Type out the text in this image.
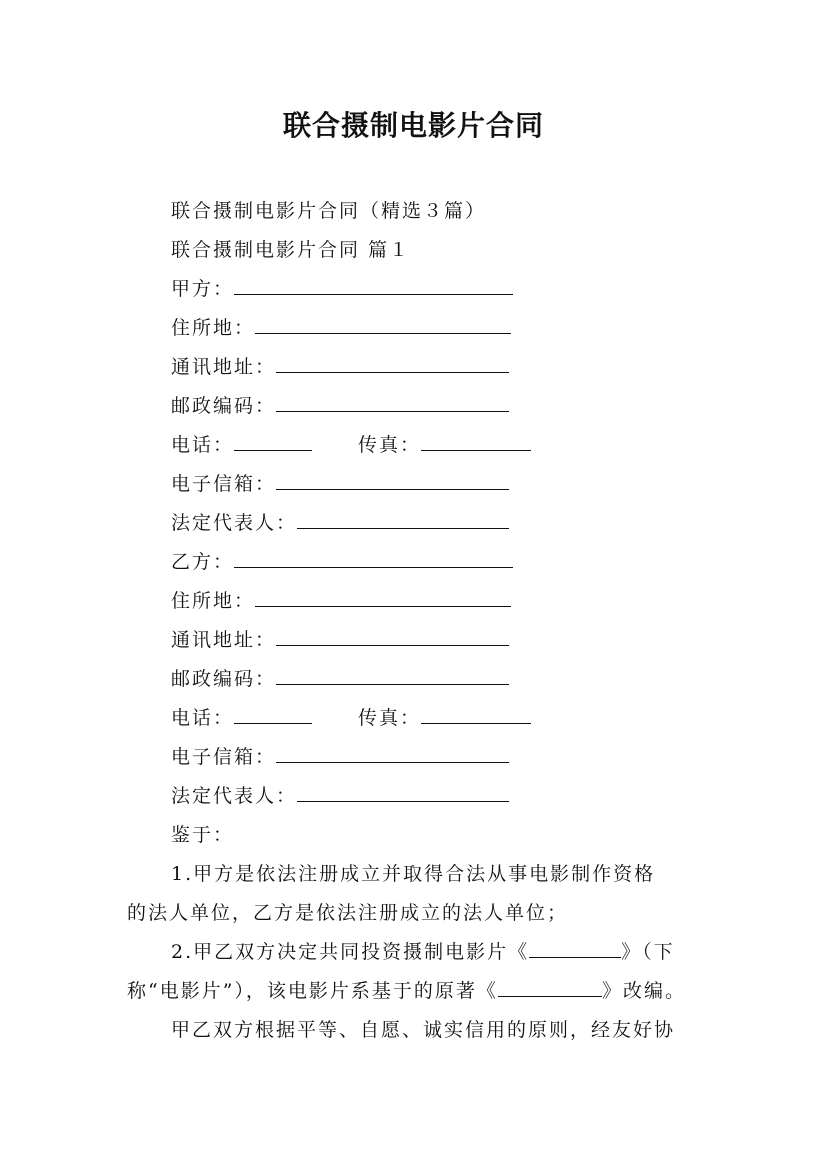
联合摄制电影片合同
联合摄制电影片合同（精选３篇）
联合摄制电影片合同 篇１
甲方：
住所地：
通讯地址：
邮政编码：
电话：	传真：
电子信箱：
法定代表人：
乙方：
住所地：
通讯地址：
邮政编码：
电话：	传真：
电子信箱：
法定代表人：
鉴于：
1.甲方是依法注册成立并取得合法从事电影制作资格
的法人单位，乙方是依法注册成立的法人单位；
2.甲乙双方决定共同投资摄制电影片《	》（下
称“电影片”），该电影片系基于的原著《	》改编。
甲乙双方根据平等、自愿、诚实信用的原则，经友好协
